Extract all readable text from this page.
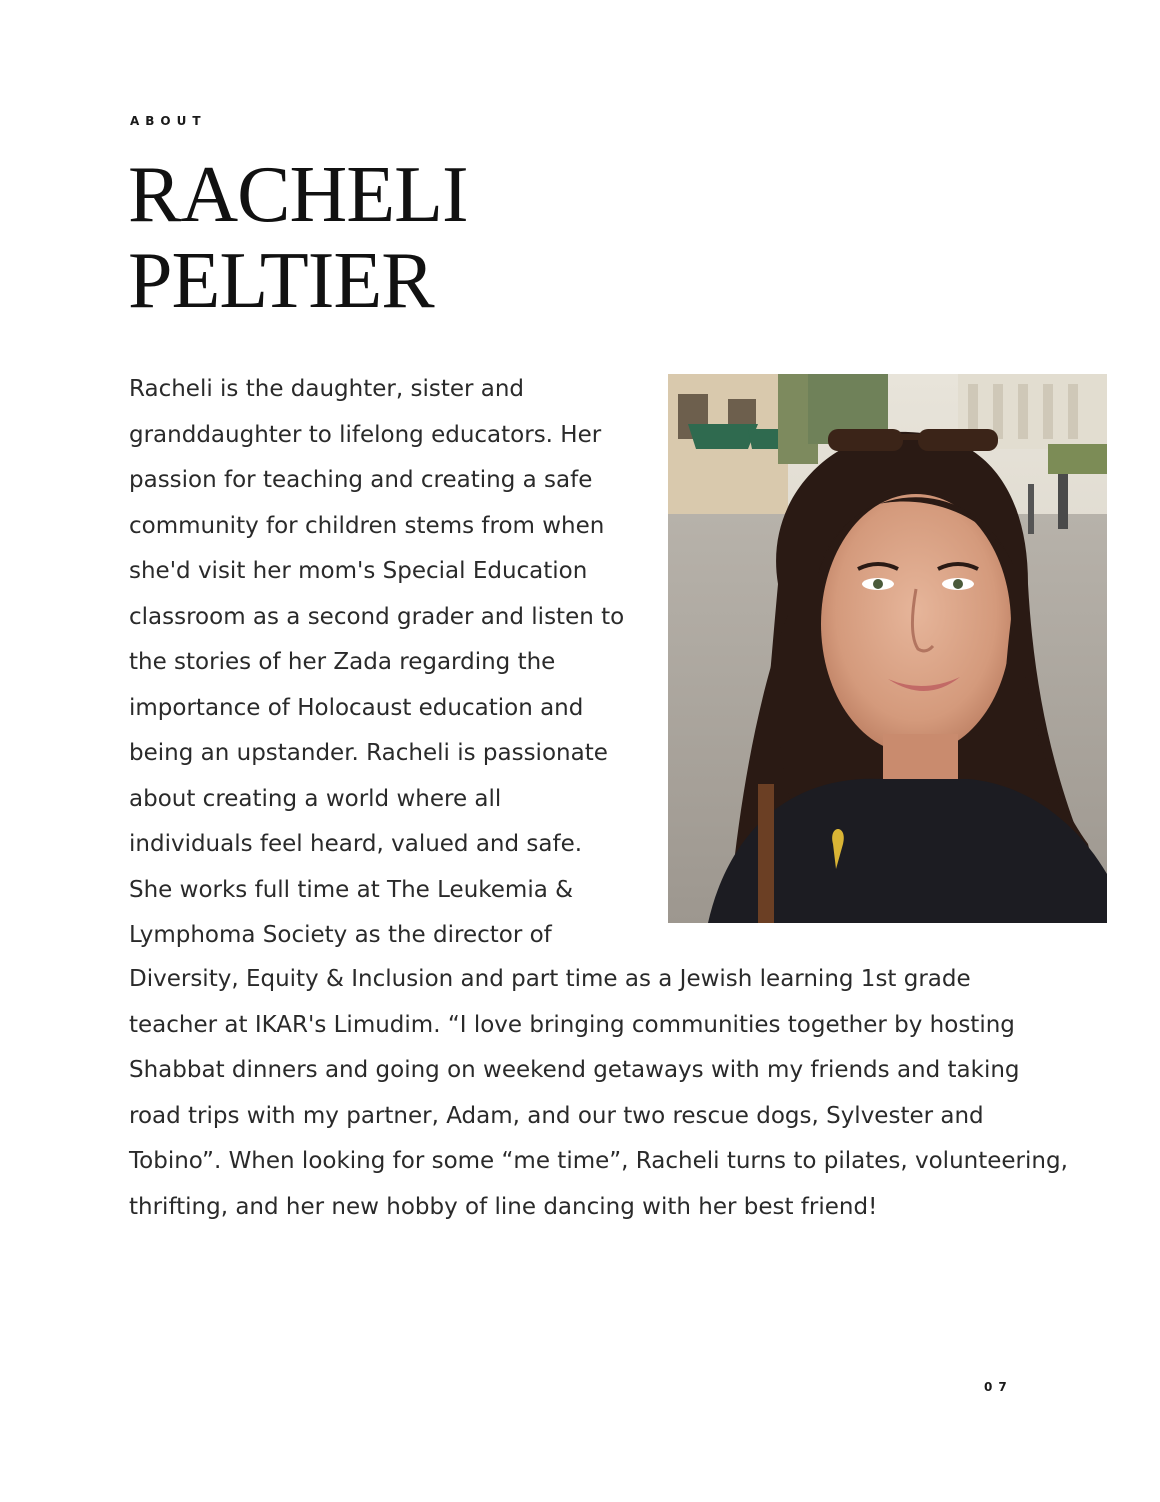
ABOUT
RACHELI
PELTIER

Racheli is the daughter, sister and
granddaughter to lifelong educators. Her
passion for teaching and creating a safe
community for children stems from when
she'd visit her mom's Special Education
classroom as a second grader and listen to
the stories of her Zada regarding the
importance of Holocaust education and
being an upstander. Racheli is passionate
about creating a world where all
individuals feel heard, valued and safe.
She works full time at The Leukemia &
Lymphoma Society as the director of

Diversity, Equity & Inclusion and part time as a Jewish learning 1st grade
teacher at IKAR's Limudim. “I love bringing communities together by hosting
Shabbat dinners and going on weekend getaways with my friends and taking
road trips with my partner, Adam, and our two rescue dogs, Sylvester and
Tobino”. When looking for some “me time”, Racheli turns to pilates, volunteering,
thrifting, and her new hobby of line dancing with her best friend!

07
